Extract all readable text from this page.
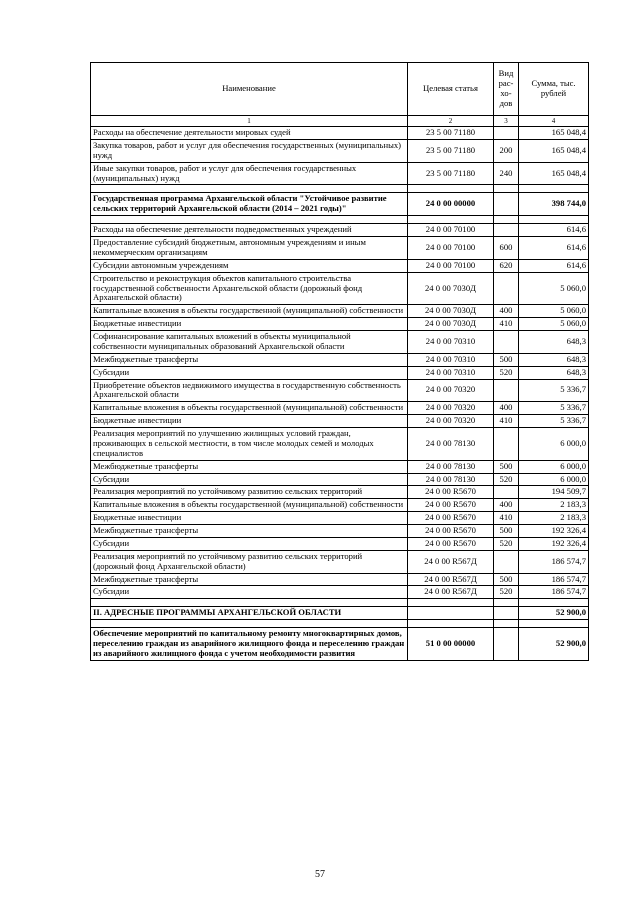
Наименование	Целевая статья	Вид рас-хо-дов	Сумма, тыс. рублей
1	2	3	4
Расходы на обеспечение деятельности мировых судей	23 5 00 71180		165 048,4
Закупка товаров, работ и услуг для обеспечения государственных (муниципальных) нужд	23 5 00 71180	200	165 048,4
Иные закупки товаров, работ и услуг для обеспечения государственных (муниципальных) нужд	23 5 00 71180	240	165 048,4

Государственная программа Архангельской области "Устойчивое развитие сельских территорий Архангельской области (2014 – 2021 годы)"	24 0 00 00000		398 744,0

Расходы на обеспечение деятельности подведомственных учреждений	24 0 00 70100		614,6
Предоставление субсидий бюджетным, автономным учреждениям и иным некоммерческим организациям	24 0 00 70100	600	614,6
Субсидии автономным учреждениям	24 0 00 70100	620	614,6
Строительство и реконструкция объектов капитального строительства государственной собственности Архангельской области (дорожный фонд Архангельской области)	24 0 00 7030Д		5 060,0
Капитальные вложения в объекты государственной (муниципальной) собственности	24 0 00 7030Д	400	5 060,0
Бюджетные инвестиции	24 0 00 7030Д	410	5 060,0
Софинансирование капитальных вложений в объекты муниципальной собственности муниципальных образований Архангельской области	24 0 00 70310		648,3
Межбюджетные трансферты	24 0 00 70310	500	648,3
Субсидии	24 0 00 70310	520	648,3
Приобретение объектов недвижимого имущества в государственную собственность Архангельской области	24 0 00 70320		5 336,7
Капитальные вложения в объекты государственной (муниципальной) собственности	24 0 00 70320	400	5 336,7
Бюджетные инвестиции	24 0 00 70320	410	5 336,7
Реализация мероприятий по улучшению жилищных условий граждан, проживающих в сельской местности, в том числе молодых семей и молодых специалистов	24 0 00 78130		6 000,0
Межбюджетные трансферты	24 0 00 78130	500	6 000,0
Субсидии	24 0 00 78130	520	6 000,0
Реализация мероприятий по устойчивому развитию сельских территорий	24 0 00 R5670		194 509,7
Капитальные вложения в объекты государственной (муниципальной) собственности	24 0 00 R5670	400	2 183,3
Бюджетные инвестиции	24 0 00 R5670	410	2 183,3
Межбюджетные трансферты	24 0 00 R5670	500	192 326,4
Субсидии	24 0 00 R5670	520	192 326,4
Реализация мероприятий по устойчивому развитию сельских территорий (дорожный фонд Архангельской области)	24 0 00 R567Д		186 574,7
Межбюджетные трансферты	24 0 00 R567Д	500	186 574,7
Субсидии	24 0 00 R567Д	520	186 574,7

II. АДРЕСНЫЕ ПРОГРАММЫ АРХАНГЕЛЬСКОЙ ОБЛАСТИ			52 900,0

Обеспечение мероприятий по капитальному ремонту многоквартирных домов, переселению граждан из аварийного жилищного фонда и переселению граждан из аварийного жилищного фонда с учетом необходимости развития	51 0 00 00000		52 900,0
57
